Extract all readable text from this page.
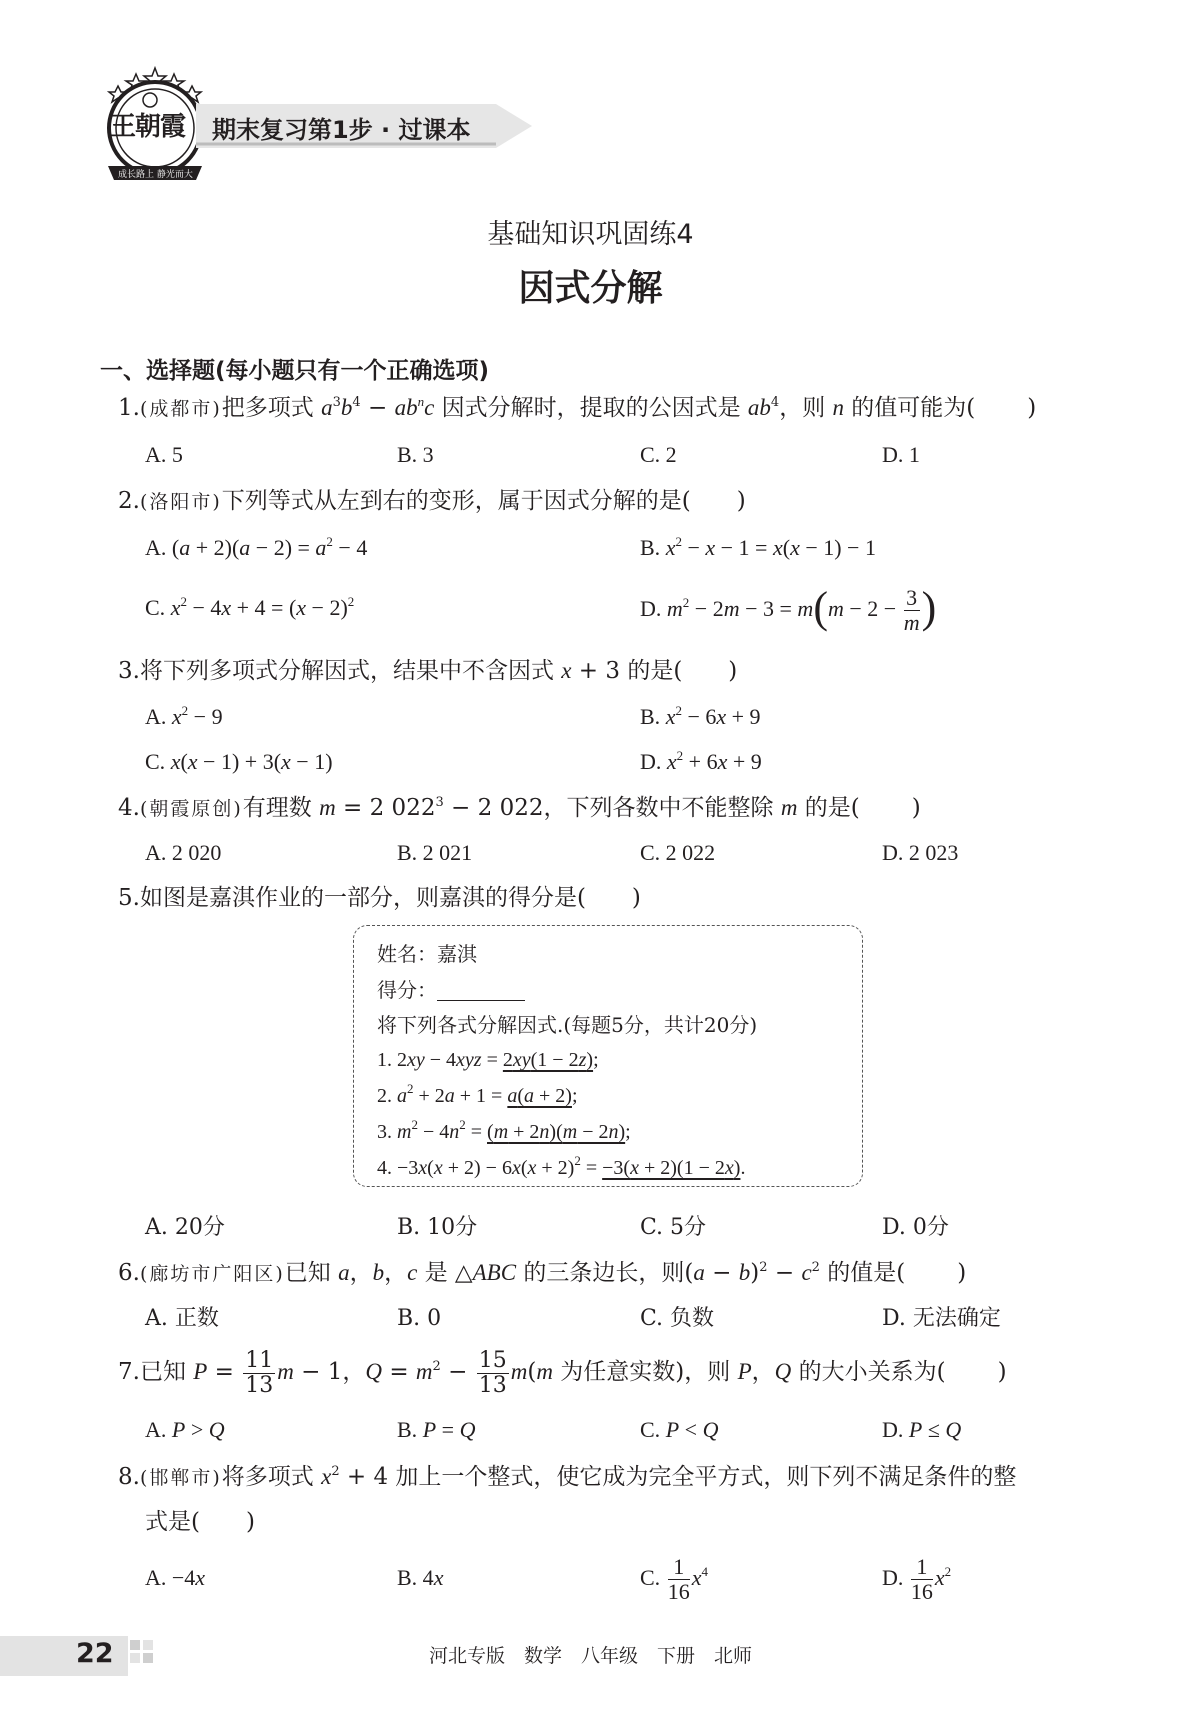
王朝霞
成长路上 静光而大
期末复习第1步 · 过课本
基础知识巩固练4
因式分解
一、选择题(每小题只有一个正确选项)
1.(成都市)把多项式 $a^3b^4 - ab^nc$ 因式分解时，提取的公因式是 $ab^4$，则 n 的值可能为( )
A. 5	B. 3	C. 2	D. 1
2.(洛阳市)下列等式从左到右的变形，属于因式分解的是(　　)
A. $(a + 2)(a - 2) = a^2 - 4$	B. $x^2 - x - 1 = x(x - 1) - 1$
C. $x^2 - 4x + 4 = (x - 2)^2$	D. $m^2 - 2m - 3 = m(m - 2 - \frac{3}{m}$ )
3.将下列多项式分解因式，结果中不含因式 x + 3 的是(　　)
A. $x^2 - 9$	B. $x^2 - 6x + 9$
C. x(x − 1) + 3(x − 1)	D. $x^2 + 6x + 9$
4.(朝霞原创)有理数 m = 2 $022^3 - 2$ 022，下列各数中不能整除 m 的是( )
A. 2 020	B. 2 021	C. 2 022	D. 2 023
5.如图是嘉淇作业的一部分，则嘉淇的得分是(　　)
姓名：嘉淇
得分：
将下列各式分解因式.(每题5分，共计20分)
1. 2xy − 4xyz = 2xy(1 − 2z);
2. $a^2 + 2a + 1 = a(a + 2)$;
3. $m^2 - 4n^2 = (m + 2n)(m - 2n)$;
4. $-3x(x + 2) - 6x(x + 2)^2 = -3(x + 2)(1 - 2x)$.
A. 20分	B. 10分	C. 5分	D. 0分
6.(廊坊市广阳区)已知 a，b，c 是 △ABC 的三条边长，则$(a - b)^2 - c^2$ 的值是( )
A. 正数	B. 0	C. 负数	D. 无法确定
7.已知 $P = \frac{11}{13}$ m − 1，$Q = m^2 - \frac{15}{13} m(m$ 为任意实数)，则 P，Q 的大小关系为( )
A. P > Q	B. P = Q	C. P < Q	D. P ≤ Q
8.(邯郸市)将多项式 $x^2 + 4$ 加上一个整式，使它成为完全平方式，则下列不满足条件的整
式是(　　)
A. −4x	B. 4x	C. $\frac{1}{16} x^4$	D. $\frac{1}{16} x^2$
22	河北专版　数学　八年级　下册　北师
